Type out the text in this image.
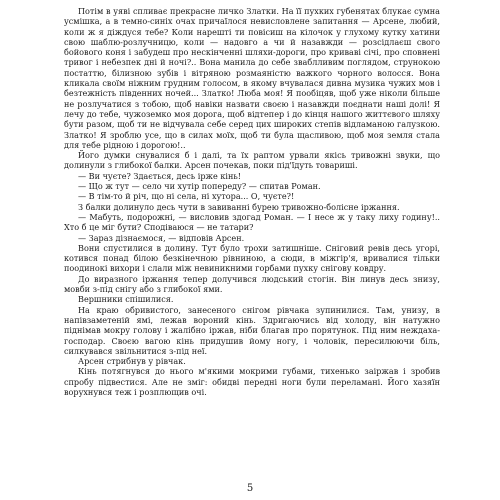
Потім в уяві спливає прекрасне личко Златки. На її пухких губенятах блукає сумна усмішка, а в темно-синіх очах причаїлося невисловлене запитання — Арсене, любий, коли ж я діждуся тебе? Коли нарешті ти повісиш на кілочок у глухому кутку хатини свою шаблю-розлучницю, коли — надовго а чи й назавжди — розсідлаєш свого бойового коня і забудеш про нескінченні шляхи-дороги, про криваві січі, про сповнені тривог і небезпек дні й ночі?.. Вона манила до себе зваблливим поглядом, струнокою постаттю, білизною зубів і вітряною розмаяністю важкого чорного волосся. Вона кликала своїм ніжним грудним голосом, в якому вчувалася дивна музика чужих мов і безтежність південних ночей... Златко! Люба моя! Я пообіцяв, щоб уже ніколи більше не розлучатися з тобою, щоб навіки назвати своєю і назавжди поєднати наші долі! Я лечу до тебе, чужоземко моя дорога, щоб відтепер і до кінця нашого життєвого шляху бути разом, щоб ти не відчувала себе серед цих широких степів відламаною галузкою. Златко! Я зроблю усе, що в силах моїх, щоб ти була щасливою, щоб моя земля стала для тебе рідною і дорогою!..

Його думки снувалися б і далі, та їх раптом урвали якісь тривожні звуки, що долинули з глибокої балки. Арсен почекав, поки під'їдуть товариші.

— Ви чуєте? Здається, десь ірже кінь!

— Що ж тут — село чи хутір попереду? — спитав Роман.

— В тім-то й річ, що ні села, ні хутора... О, чуєте?!

З балки долинуло десь чути в завиванні бурею тривожно-болісне іржання.

— Мабуть, подорожні, — висловив здогад Роман. — І несе ж у таку лиху годину!.. Хто б це міг бути? Сподіваюся — не татари?

— Зараз дізнаємося, — відповів Арсен.

Вони спустилися в долину. Тут було трохи затишніше. Сніговий ревів десь угорі, котився понад білою безкінечною рівниною, а сюди, в міжгір'я, вривалися тільки поодинокі вихори і слали між невиникними горбами пухку снігову ковдру.

До виразного іржання тепер долучився людський стогін. Він линув десь знизу, мовби з-під снігу або з глибокої ями.

Вершники спішилися.

На краю обривистого, занесеного снігом рівчака зупинилися. Там, унизу, в напівзаметеній ямі, лежав вороний кінь. Здригаючись від холоду, він натужно піднімав мокру голову і жалібно іржав, ніби благав про порятунок. Під ним неждаха-господар. Своєю вагою кінь придушив йому ногу, і чоловік, пересилюючи біль, силкувався звільнитися з-під неї.

Арсен стрибнув у рівчак.

Кінь потягнувся до нього м'якими мокрими губами, тихенько заіржав і зробив спробу підвестися. Але не зміг: обидві передні ноги були переламані. Його хазяїн ворухнувся теж і розплющив очі.

5
